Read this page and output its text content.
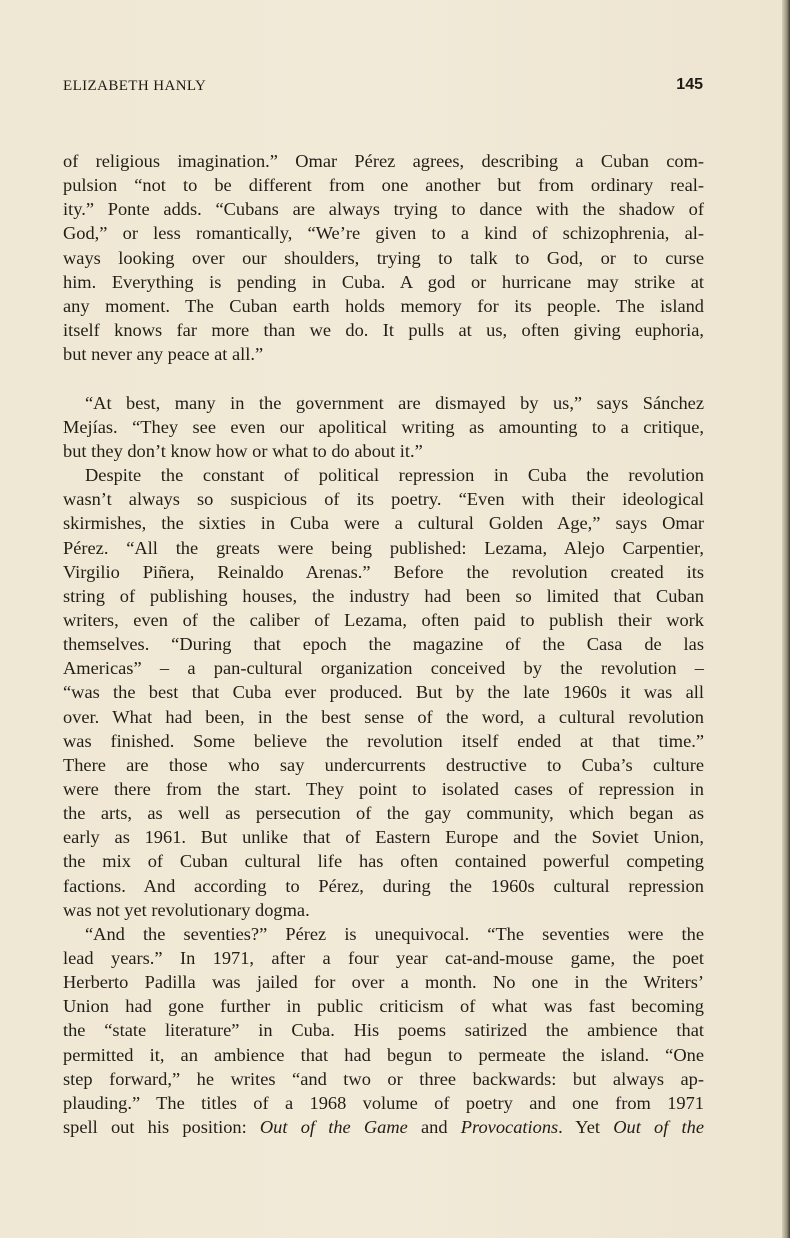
ELIZABETH HANLY	145
of religious imagination.” Omar Pérez agrees, describing a Cuban com-
pulsion “not to be different from one another but from ordinary real-
ity.” Ponte adds. “Cubans are always trying to dance with the shadow of
God,” or less romantically, “We’re given to a kind of schizophrenia, al-
ways looking over our shoulders, trying to talk to God, or to curse
him. Everything is pending in Cuba. A god or hurricane may strike at
any moment. The Cuban earth holds memory for its people. The island
itself knows far more than we do. It pulls at us, often giving euphoria,
but never any peace at all.”
“At best, many in the government are dismayed by us,” says Sánchez
Mejías. “They see even our apolitical writing as amounting to a critique,
but they don’t know how or what to do about it.”
Despite the constant of political repression in Cuba the revolution
wasn’t always so suspicious of its poetry. “Even with their ideological
skirmishes, the sixties in Cuba were a cultural Golden Age,” says Omar
Pérez. “All the greats were being published: Lezama, Alejo Carpentier,
Virgilio Piñera, Reinaldo Arenas.” Before the revolution created its
string of publishing houses, the industry had been so limited that Cuban
writers, even of the caliber of Lezama, often paid to publish their work
themselves. “During that epoch the magazine of the Casa de las
Americas” – a pan-cultural organization conceived by the revolution –
“was the best that Cuba ever produced. But by the late 1960s it was all
over. What had been, in the best sense of the word, a cultural revolution
was finished. Some believe the revolution itself ended at that time.”
There are those who say undercurrents destructive to Cuba’s culture
were there from the start. They point to isolated cases of repression in
the arts, as well as persecution of the gay community, which began as
early as 1961. But unlike that of Eastern Europe and the Soviet Union,
the mix of Cuban cultural life has often contained powerful competing
factions. And according to Pérez, during the 1960s cultural repression
was not yet revolutionary dogma.
“And the seventies?” Pérez is unequivocal. “The seventies were the
lead years.” In 1971, after a four year cat-and-mouse game, the poet
Herberto Padilla was jailed for over a month. No one in the Writers’
Union had gone further in public criticism of what was fast becoming
the “state literature” in Cuba. His poems satirized the ambience that
permitted it, an ambience that had begun to permeate the island. “One
step forward,” he writes “and two or three backwards: but always ap-
plauding.” The titles of a 1968 volume of poetry and one from 1971
spell out his position: Out of the Game and Provocations. Yet Out of the
